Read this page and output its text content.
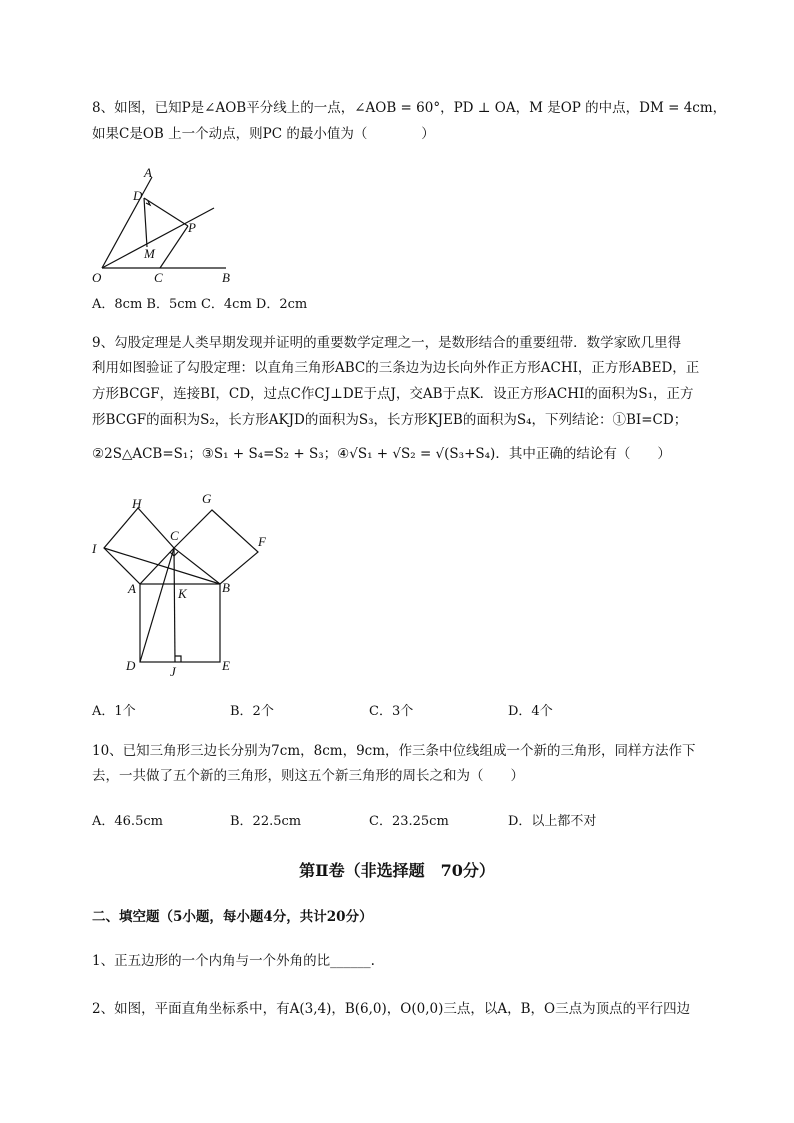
8、如图，已知P是∠AOB平分线上的一点，∠AOB = 60°，PD ⊥ OA，M 是OP 的中点，DM = 4cm，
如果C是OB 上一个动点，则PC 的最小值为（　　　　）
A
D
P
M
O	C	B
A．8cm B．5cm C．4cm D．2cm
9、勾股定理是人类早期发现并证明的重要数学定理之一，是数形结合的重要纽带．数学家欧几里得
利用如图验证了勾股定理：以直角三角形ABC的三条边为边长向外作正方形ACHI，正方形ABED，正
方形BCGF，连接BI，CD，过点C作CJ⊥DE于点J，交AB于点K．设正方形ACHI的面积为S₁，正方
形BCGF的面积为S₂，长方形AKJD的面积为S₃，长方形KJEB的面积为S₄，下列结论：①BI=CD；
②2S△ACB=S₁；③S₁ + S₄=S₂ + S₃；④√S₁ + √S₂ = √(S₃+S₄)．其中正确的结论有（　　）
H	G
C	F
I
A	K	B
D	J	E
A．1个	B．2个	C．3个	D．4个
10、已知三角形三边长分别为7cm，8cm，9cm，作三条中位线组成一个新的三角形，同样方法作下
去，一共做了五个新的三角形，则这五个新三角形的周长之和为（　　）
A．46.5cm	B．22.5cm	C．23.25cm	D．以上都不对
第Ⅱ卷（非选择题　70分）
二、填空题（5小题，每小题4分，共计20分）
1、正五边形的一个内角与一个外角的比______.
2、如图，平面直角坐标系中，有A(3,4)，B(6,0)，O(0,0)三点，以A，B，O三点为顶点的平行四边
